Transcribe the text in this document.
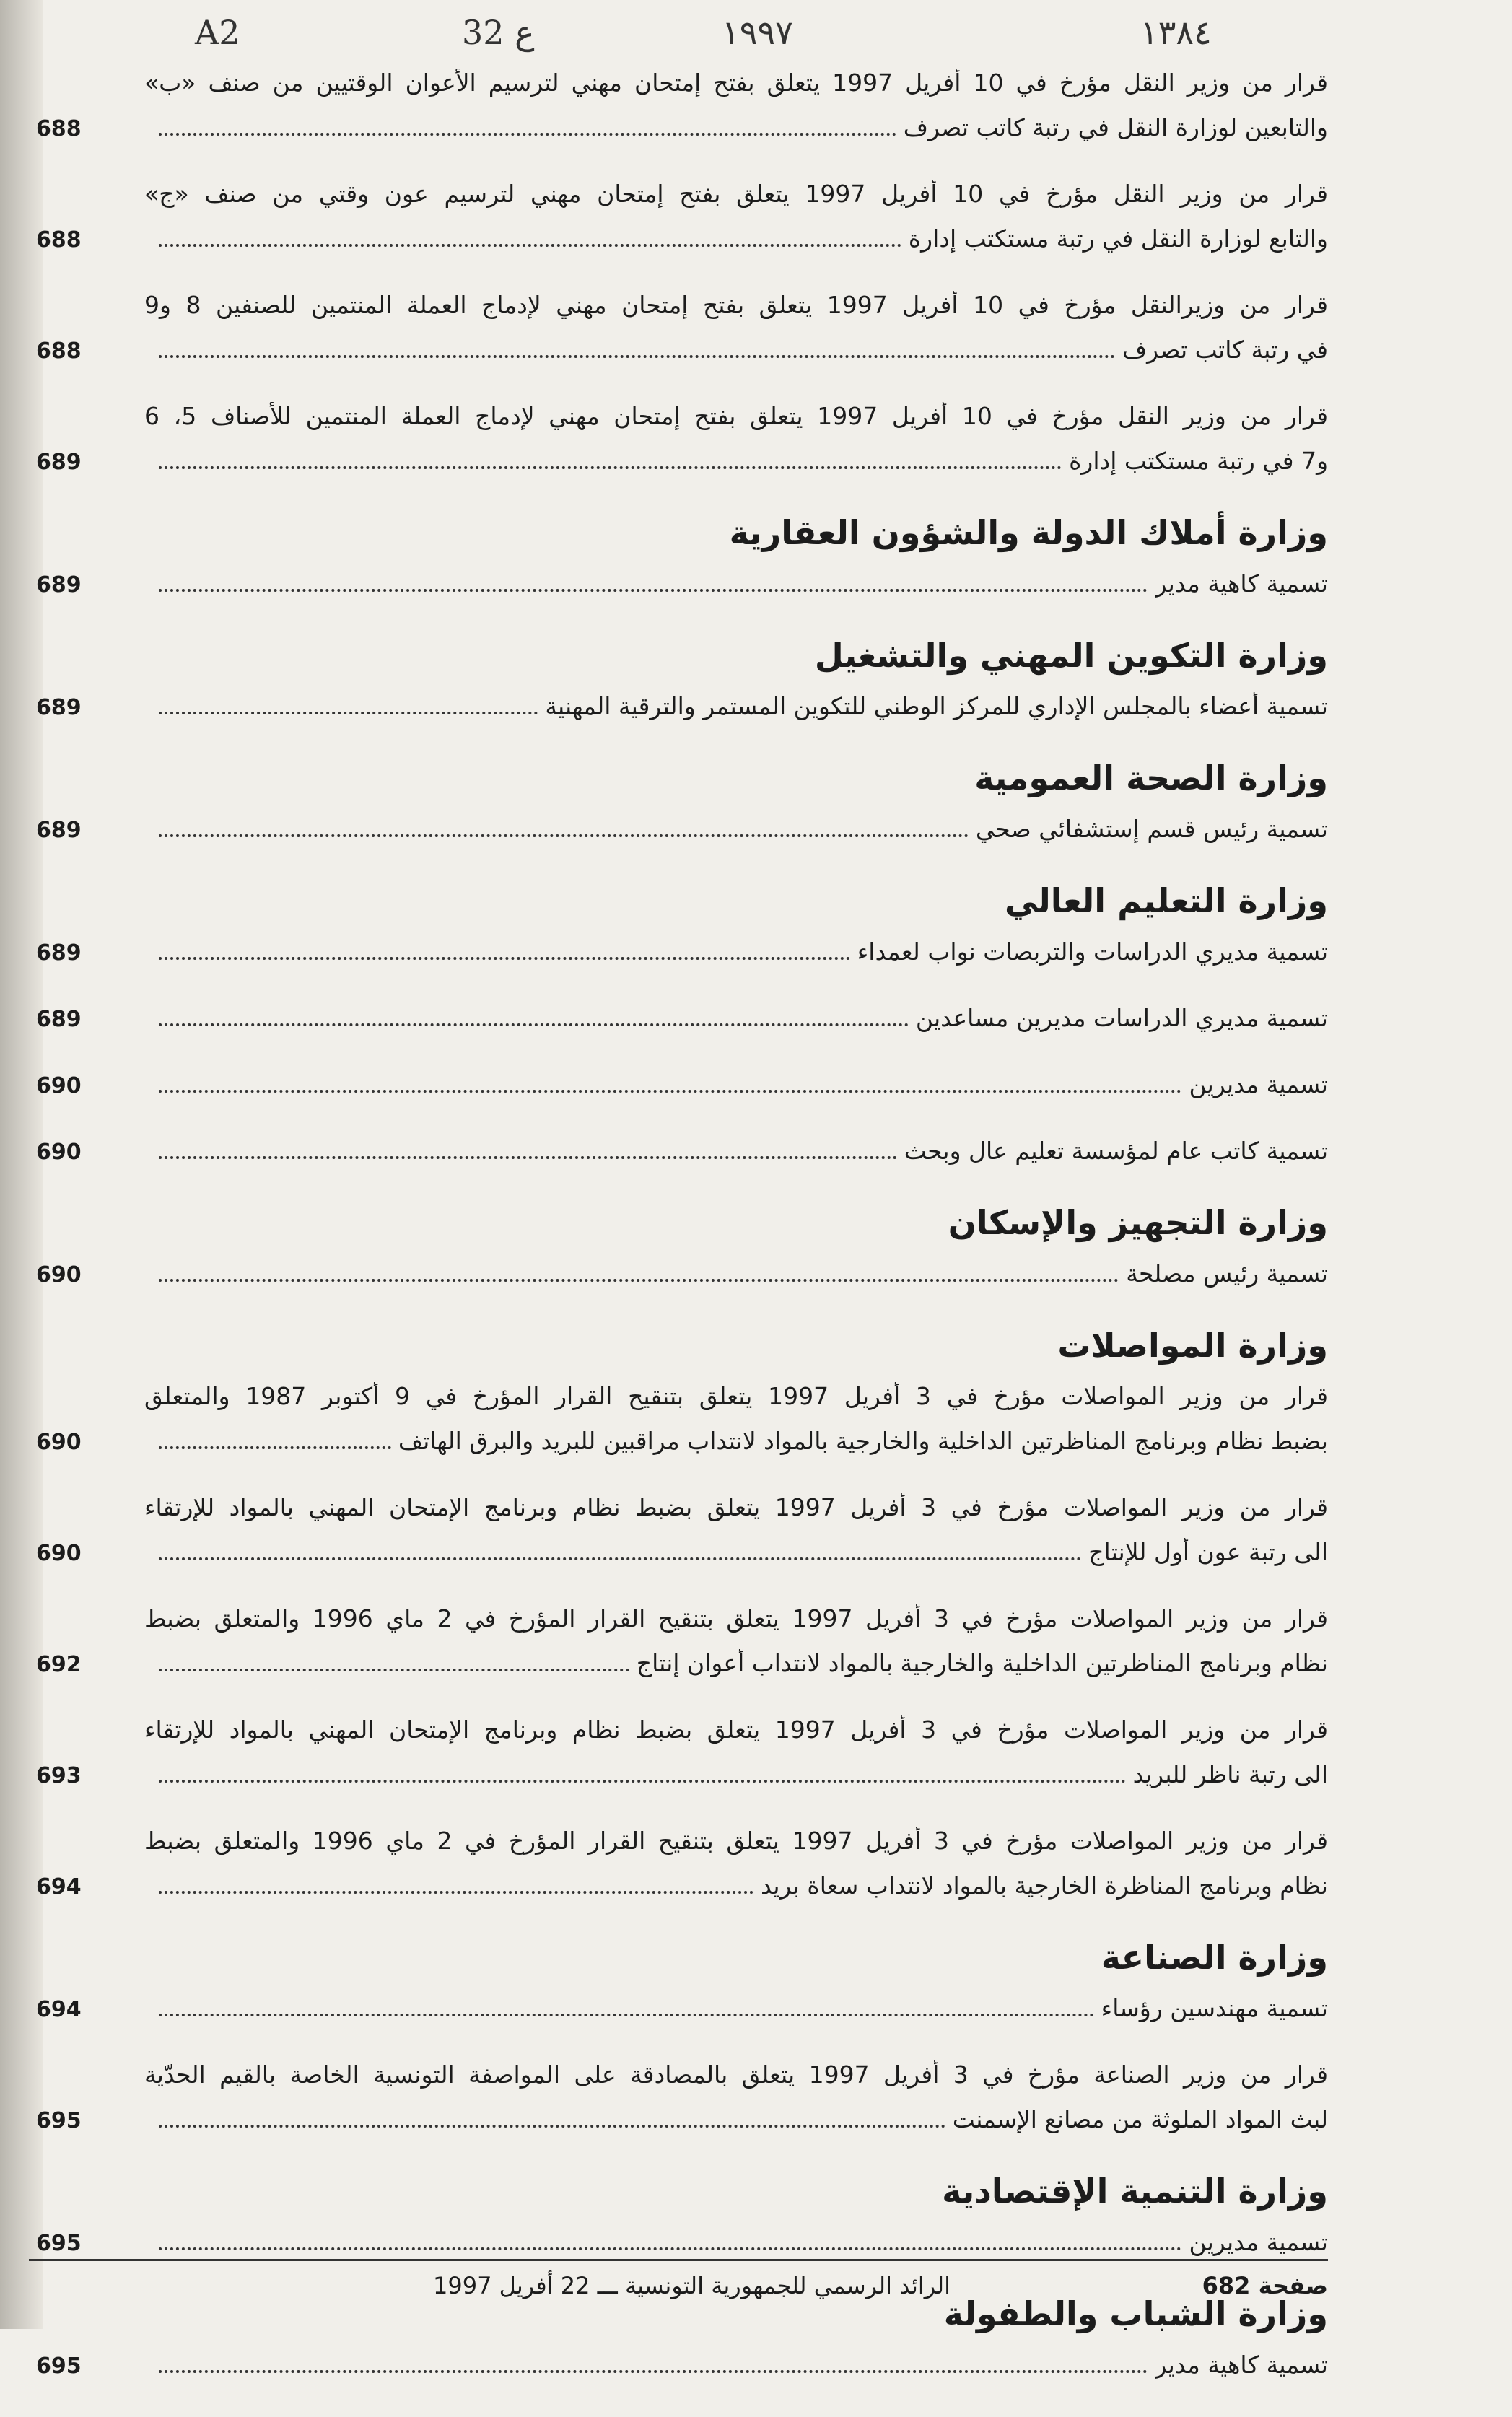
A2	32 ع	١٩٩٧	١٣٨٤
قرار من وزير النقل مؤرخ في 10 أفريل 1997 يتعلق بفتح إمتحان مهني لترسيم الأعوان الوقتيين من صنف «ب»
688	والتابعين لوزارة النقل في رتبة كاتب تصرف
قرار من وزير النقل مؤرخ في 10 أفريل 1997 يتعلق بفتح إمتحان مهني لترسيم عون وقتي من صنف «ج»
688	والتابع لوزارة النقل في رتبة مستكتب إدارة
قرار من وزيرالنقل مؤرخ في 10 أفريل 1997 يتعلق بفتح إمتحان مهني لإدماج العملة المنتمين للصنفين 8 و9
688	في رتبة كاتب تصرف
قرار من وزير النقل مؤرخ في 10 أفريل 1997 يتعلق بفتح إمتحان مهني لإدماج العملة المنتمين للأصناف 5، 6
689	و7 في رتبة مستكتب إدارة
وزارة أملاك الدولة والشؤون العقارية
689	تسمية كاهية مدير
وزارة التكوين المهني والتشغيل
689	تسمية أعضاء بالمجلس الإداري للمركز الوطني للتكوين المستمر والترقية المهنية
وزارة الصحة العمومية
689	تسمية رئيس قسم إستشفائي صحي
وزارة التعليم العالي
689	تسمية مديري الدراسات والتربصات نواب لعمداء
689	تسمية مديري الدراسات مديرين مساعدين
690	تسمية مديرين
690	تسمية كاتب عام لمؤسسة تعليم عال وبحث
وزارة التجهيز والإسكان
690	تسمية رئيس مصلحة
وزارة المواصلات
قرار من وزير المواصلات مؤرخ في 3 أفريل 1997 يتعلق بتنقيح القرار المؤرخ في 9 أكتوبر 1987 والمتعلق
690	بضبط نظام وبرنامج المناظرتين الداخلية والخارجية بالمواد لانتداب مراقبين للبريد والبرق الهاتف
قرار من وزير المواصلات مؤرخ في 3 أفريل 1997 يتعلق بضبط نظام وبرنامج الإمتحان المهني بالمواد للإرتقاء
690	الى رتبة عون أول للإنتاج
قرار من وزير المواصلات مؤرخ في 3 أفريل 1997 يتعلق بتنقيح القرار المؤرخ في 2 ماي 1996 والمتعلق بضبط
692	نظام وبرنامج المناظرتين الداخلية والخارجية بالمواد لانتداب أعوان إنتاج
قرار من وزير المواصلات مؤرخ في 3 أفريل 1997 يتعلق بضبط نظام وبرنامج الإمتحان المهني بالمواد للإرتقاء
693	الى رتبة ناظر للبريد
قرار من وزير المواصلات مؤرخ في 3 أفريل 1997 يتعلق بتنقيح القرار المؤرخ في 2 ماي 1996 والمتعلق بضبط
694	نظام وبرنامج المناظرة الخارجية بالمواد لانتداب سعاة بريد
وزارة الصناعة
694	تسمية مهندسين رؤساء
قرار من وزير الصناعة مؤرخ في 3 أفريل 1997 يتعلق بالمصادقة على المواصفة التونسية الخاصة بالقيم الحدّية
695	لبث المواد الملوثة من مصانع الإسمنت
وزارة التنمية الإقتصادية
695	تسمية مديرين
وزارة الشباب والطفولة
695	تسمية كاهية مدير
صفحة 682
الرائد الرسمي للجمهورية التونسية ـــ 22 أفريل 1997
